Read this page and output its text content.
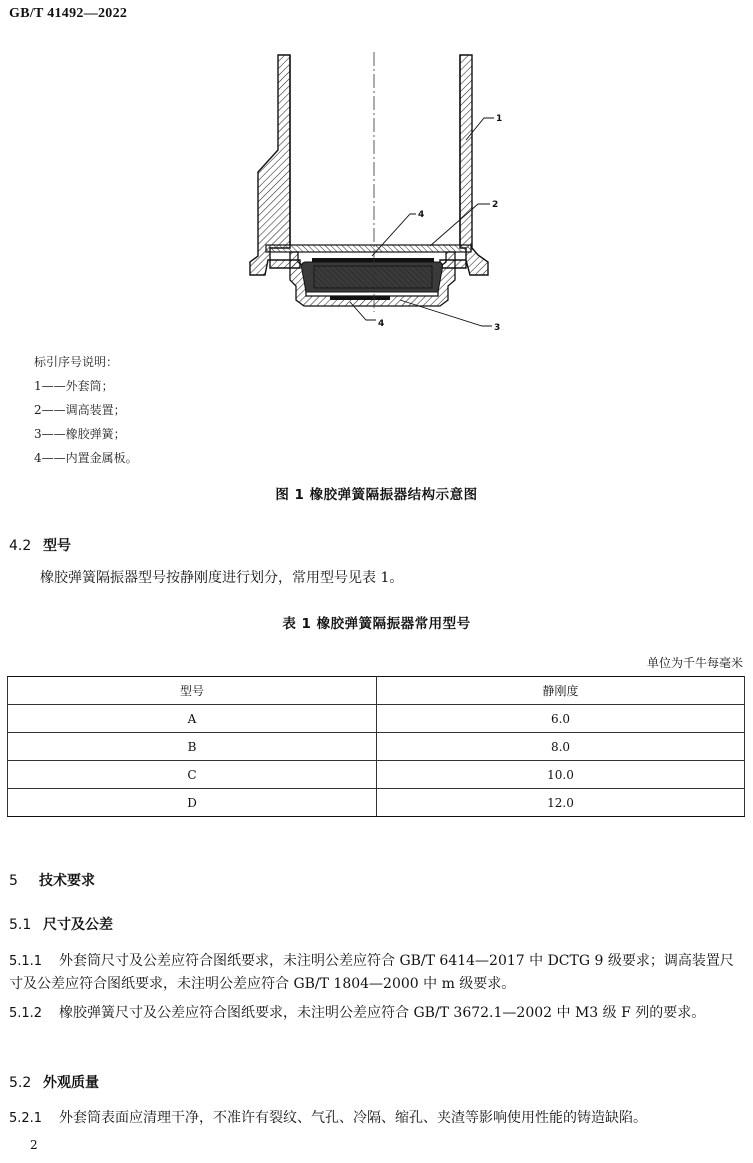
GB/T 41492—2022
1
2
4
4	3
标引序号说明：
1——外套筒；
2——调高装置；
3——橡胶弹簧；
4——内置金属板。
图 1 橡胶弹簧隔振器结构示意图
4.2 型号
橡胶弹簧隔振器型号按静刚度进行划分，常用型号见表 1。
表 1 橡胶弹簧隔振器常用型号
单位为千牛每毫米
型号	静刚度
A	6.0
B	8.0
C	10.0
D	12.0
5 技术要求
5.1 尺寸及公差
5.1.1 外套筒尺寸及公差应符合图纸要求，未注明公差应符合 GB/T 6414—2017 中 DCTG 9 级要求；调高装置尺寸及公差应符合图纸要求，未注明公差应符合 GB/T 1804—2000 中 m 级要求。
5.1.2 橡胶弹簧尺寸及公差应符合图纸要求，未注明公差应符合 GB/T 3672.1—2002 中 M3 级 F 列的要求。
5.2 外观质量
5.2.1 外套筒表面应清理干净，不准许有裂纹、气孔、冷隔、缩孔、夹渣等影响使用性能的铸造缺陷。
2
